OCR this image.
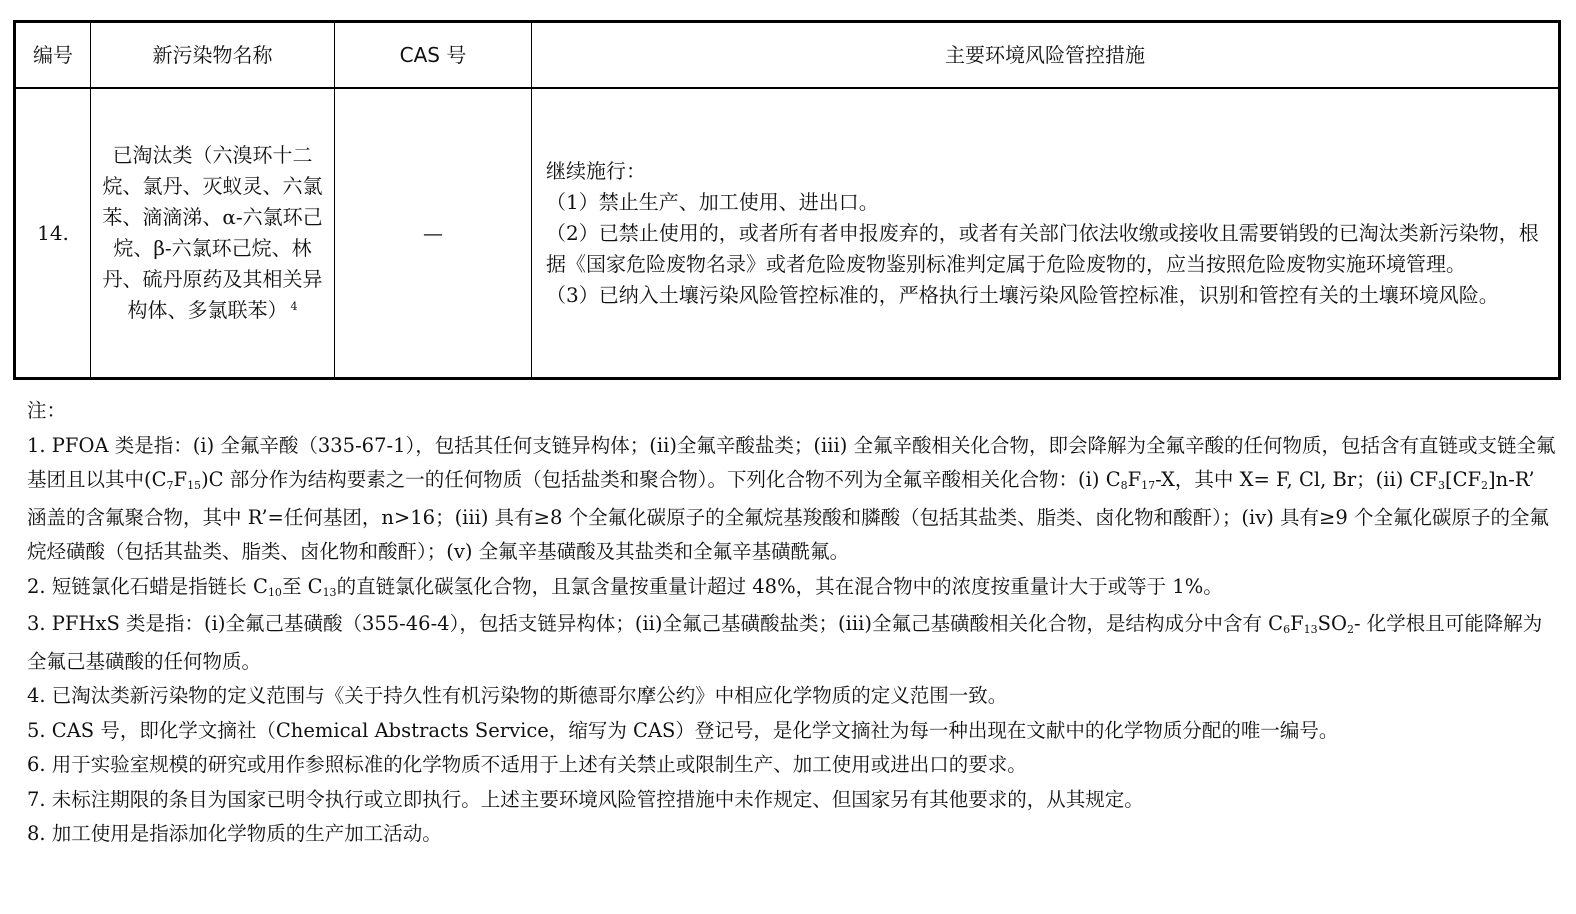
编号	新污染物名称	CAS 号	主要环境风险管控措施
14.	已淘汰类（六溴环十二烷、氯丹、灭蚁灵、六氯苯、滴滴涕、α-六氯环己烷、β-六氯环己烷、林丹、硫丹原药及其相关异构体、多氯联苯） $^4$	—	继续施行：

（1）禁止生产、加工使用、进出口。

（2）已禁止使用的，或者所有者申报废弃的，或者有关部门依法收缴或接收且需要销毁的已淘汰类新污染物，根据《国家危险废物名录》或者危险废物鉴别标准判定属于危险废物的，应当按照危险废物实施环境管理。

（3）已纳入土壤污染风险管控标准的，严格执行土壤污染风险管控标准，识别和管控有关的土壤环境风险。

注：

1. PFOA 类是指：(i) 全氟辛酸（335-67-1），包括其任何支链异构体；(ii)全氟辛酸盐类；(iii) 全氟辛酸相关化合物，即会降解为全氟辛酸的任何物质，包括含有直链或支链全氟基团且以其中$(C_7F_{15})C$ 部分作为结构要素之一的任何物质（包括盐类和聚合物）。下列化合物不列为全氟辛酸相关化合物：(i) $C_8F_{17}-X$，其中 X= F, Cl, Br；(ii) $CF_3[CF_2]n-R$’ 涵盖的含氟聚合物，其中 R’=任何基团，n>16；(iii) 具有≥8 个全氟化碳原子的全氟烷基羧酸和膦酸（包括其盐类、脂类、卤化物和酸酐）；(iv) 具有≥9 个全氟化碳原子的全氟烷烃磺酸（包括其盐类、脂类、卤化物和酸酐）；(v) 全氟辛基磺酸及其盐类和全氟辛基磺酰氟。

2. 短链氯化石蜡是指链长 $C_{10}$至 $C_{13}$的直链氯化碳氢化合物，且氯含量按重量计超过 48%，其在混合物中的浓度按重量计大于或等于 1%。

3. PFHxS 类是指：(i)全氟己基磺酸（355-46-4），包括支链异构体；(ii)全氟己基磺酸盐类；(iii)全氟己基磺酸相关化合物，是结构成分中含有 $C_6F_{13}SO_2-$ 化学根且可能降解为全氟己基磺酸的任何物质。

4. 已淘汰类新污染物的定义范围与《关于持久性有机污染物的斯德哥尔摩公约》中相应化学物质的定义范围一致。

5. CAS 号，即化学文摘社（Chemical Abstracts Service，缩写为 CAS）登记号，是化学文摘社为每一种出现在文献中的化学物质分配的唯一编号。

6. 用于实验室规模的研究或用作参照标准的化学物质不适用于上述有关禁止或限制生产、加工使用或进出口的要求。

7. 未标注期限的条目为国家已明令执行或立即执行。上述主要环境风险管控措施中未作规定、但国家另有其他要求的，从其规定。

8. 加工使用是指添加化学物质的生产加工活动。
